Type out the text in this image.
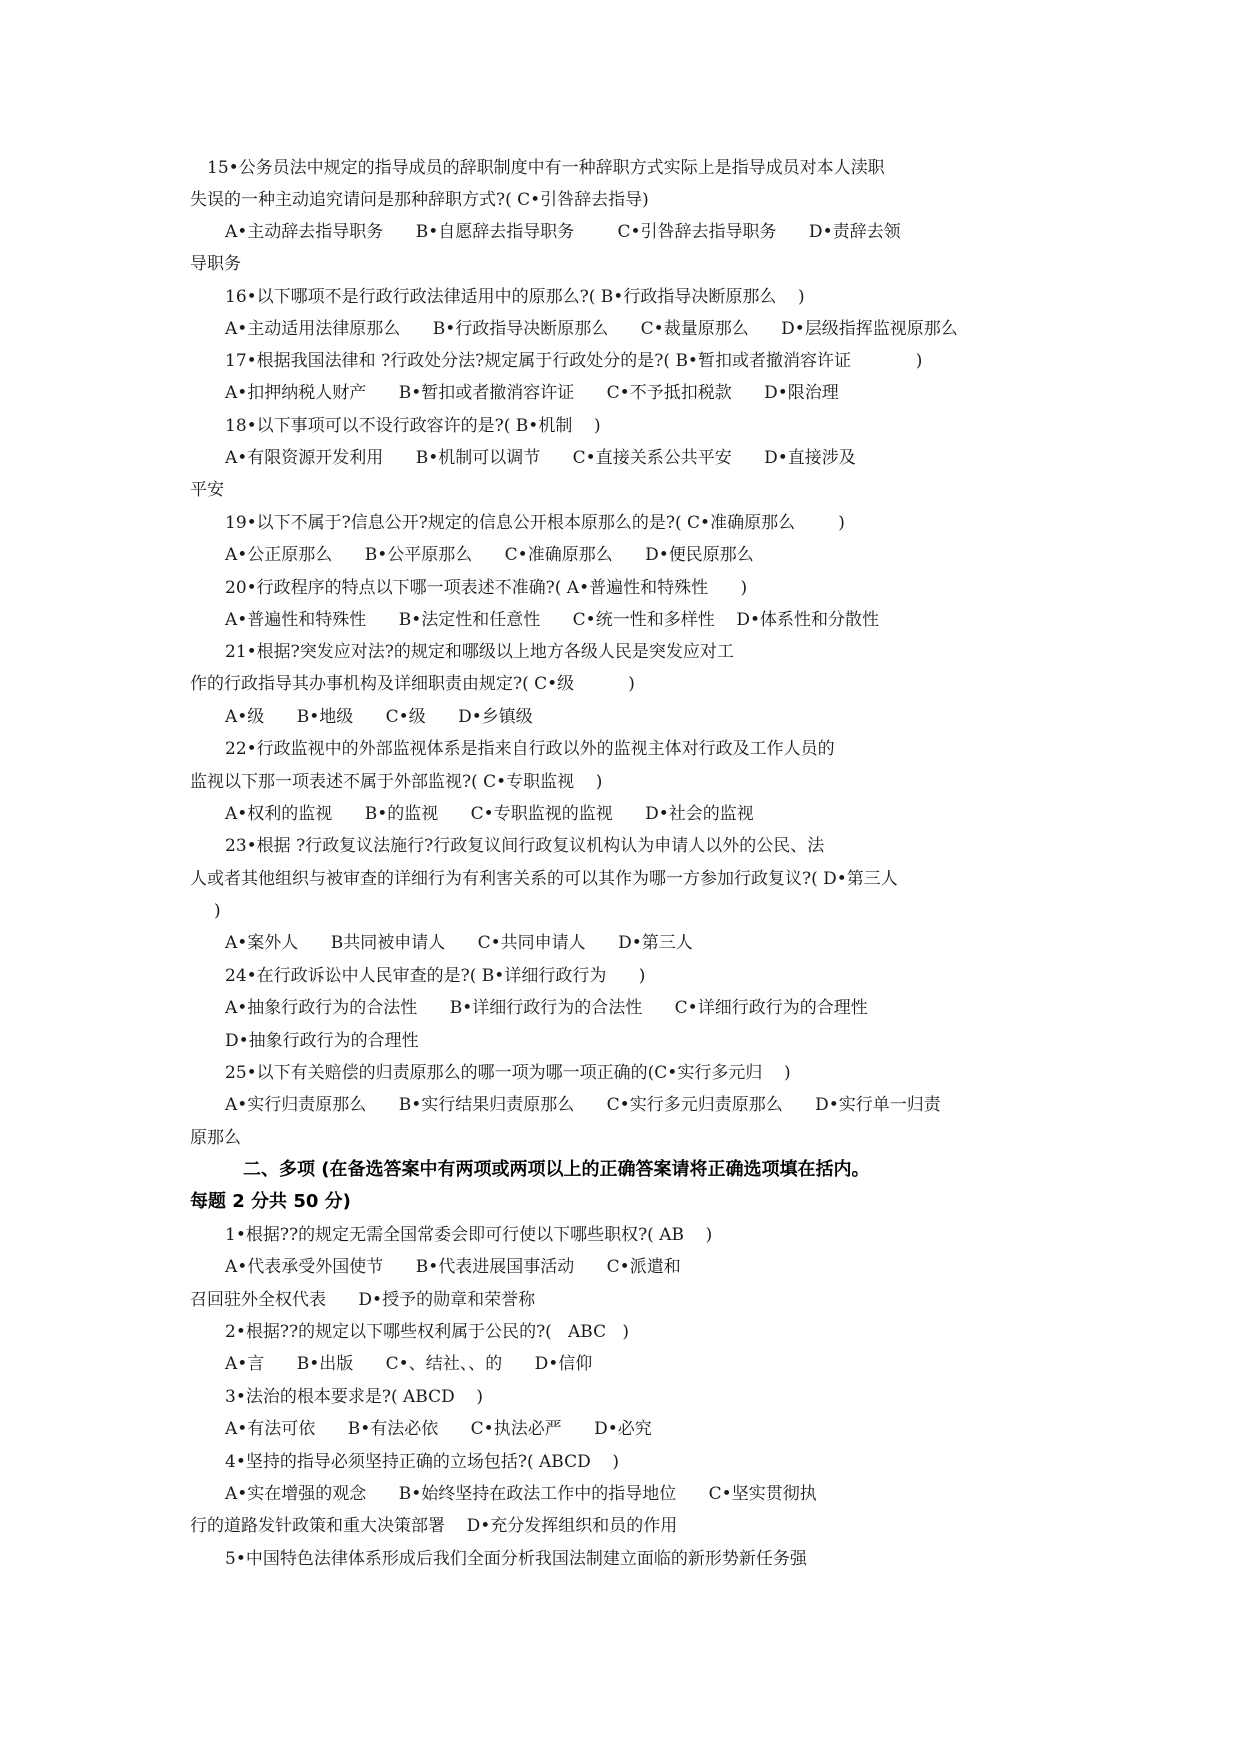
15•公务员法中规定的指导成员的辞职制度中有一种辞职方式实际上是指导成员对本人渎职
失误的一种主动追究请问是那种辞职方式?( C•引咎辞去指导)
A•主动辞去指导职务      B•自愿辞去指导职务        C•引咎辞去指导职务      D•责辞去领
导职务
16•以下哪项不是行政行政法律适用中的原那么?( B•行政指导决断原那么    )
A•主动适用法律原那么      B•行政指导决断原那么      C•裁量原那么      D•层级指挥监视原那么
17•根据我国法律和 ?行政处分法?规定属于行政处分的是?( B•暂扣或者撤消容许证            )
A•扣押纳税人财产      B•暂扣或者撤消容许证      C•不予抵扣税款      D•限治理
18•以下事项可以不设行政容许的是?( B•机制    )
A•有限资源开发利用      B•机制可以调节      C•直接关系公共平安      D•直接涉及
平安
19•以下不属于?信息公开?规定的信息公开根本原那么的是?( C•准确原那么        )
A•公正原那么      B•公平原那么      C•准确原那么      D•便民原那么
20•行政程序的特点以下哪一项表述不准确?( A•普遍性和特殊性      )
A•普遍性和特殊性      B•法定性和任意性      C•统一性和多样性    D•体系性和分散性
21•根据?突发应对法?的规定和哪级以上地方各级人民是突发应对工
作的行政指导其办事机构及详细职责由规定?( C•级          )
A•级      B•地级      C•级      D•乡镇级
22•行政监视中的外部监视体系是指来自行政以外的监视主体对行政及工作人员的
监视以下那一项表述不属于外部监视?( C•专职监视    )
A•权利的监视      B•的监视      C•专职监视的监视      D•社会的监视
23•根据 ?行政复议法施行?行政复议间行政复议机构认为申请人以外的公民、法
人或者其他组织与被审查的详细行为有利害关系的可以其作为哪一方参加行政复议?( D•第三人
)
A•案外人      B共同被申请人      C•共同申请人      D•第三人
24•在行政诉讼中人民审查的是?( B•详细行政行为      )
A•抽象行政行为的合法性      B•详细行政行为的合法性      C•详细行政行为的合理性
D•抽象行政行为的合理性
25•以下有关赔偿的归责原那么的哪一项为哪一项正确的(C•实行多元归    )
A•实行归责原那么      B•实行结果归责原那么      C•实行多元归责原那么      D•实行单一归责
原那么
二、多项 (在备选答案中有两项或两项以上的正确答案请将正确选项填在括内。
每题 2 分共 50 分)
1•根据??的规定无需全国常委会即可行使以下哪些职权?( AB    )
A•代表承受外国使节      B•代表进展国事活动      C•派遣和
召回驻外全权代表      D•授予的勋章和荣誉称
2•根据??的规定以下哪些权利属于公民的?(   ABC   )
A•言      B•出版      C•、结社、、的      D•信仰
3•法治的根本要求是?( ABCD    )
A•有法可依      B•有法必依      C•执法必严      D•必究
4•坚持的指导必须坚持正确的立场包括?( ABCD    )
A•实在增强的观念      B•始终坚持在政法工作中的指导地位      C•坚实贯彻执
行的道路发针政策和重大决策部署    D•充分发挥组织和员的作用
5•中国特色法律体系形成后我们全面分析我国法制建立面临的新形势新任务强
